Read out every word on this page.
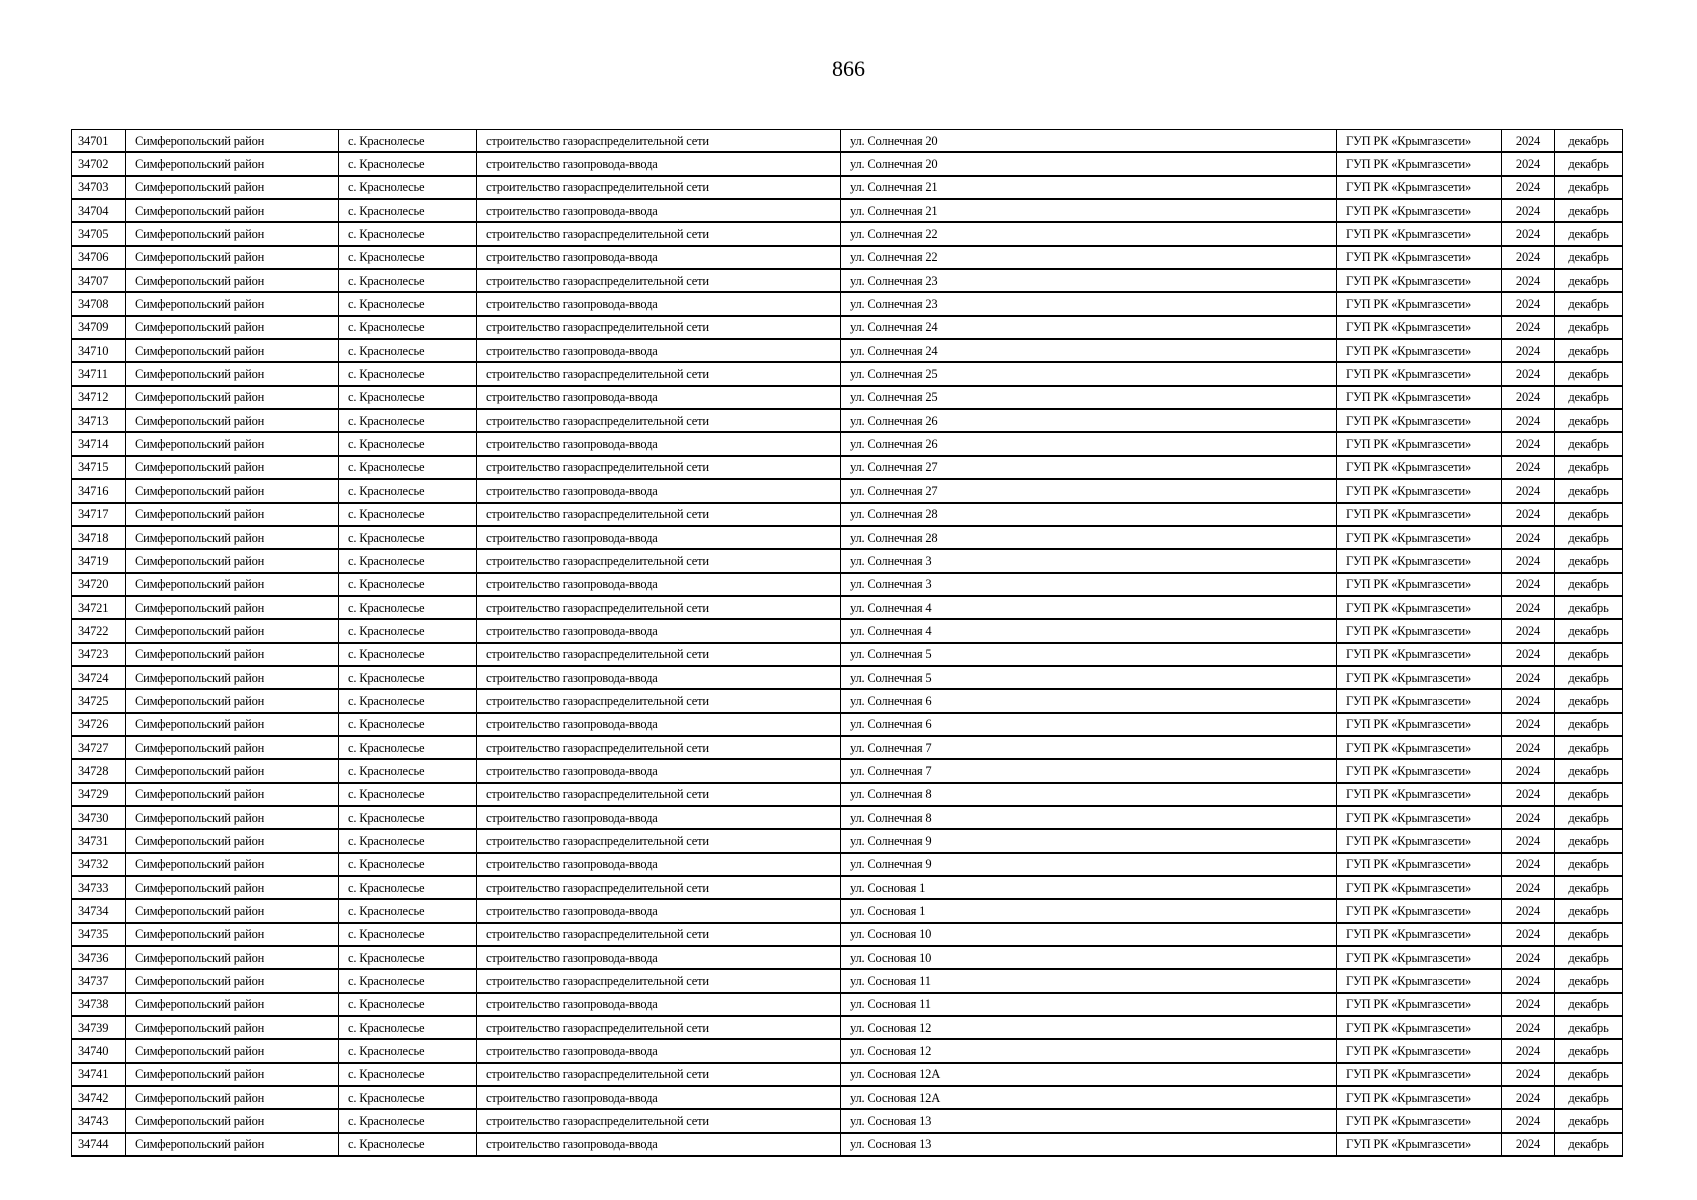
866
34701	Симферопольский район	с. Краснолесье	строительство газораспределительной сети	ул. Солнечная 20	ГУП РК «Крымгазсети»	2024	декабрь
34702	Симферопольский район	с. Краснолесье	строительство газопровода-ввода	ул. Солнечная 20	ГУП РК «Крымгазсети»	2024	декабрь
34703	Симферопольский район	с. Краснолесье	строительство газораспределительной сети	ул. Солнечная 21	ГУП РК «Крымгазсети»	2024	декабрь
34704	Симферопольский район	с. Краснолесье	строительство газопровода-ввода	ул. Солнечная 21	ГУП РК «Крымгазсети»	2024	декабрь
34705	Симферопольский район	с. Краснолесье	строительство газораспределительной сети	ул. Солнечная 22	ГУП РК «Крымгазсети»	2024	декабрь
34706	Симферопольский район	с. Краснолесье	строительство газопровода-ввода	ул. Солнечная 22	ГУП РК «Крымгазсети»	2024	декабрь
34707	Симферопольский район	с. Краснолесье	строительство газораспределительной сети	ул. Солнечная 23	ГУП РК «Крымгазсети»	2024	декабрь
34708	Симферопольский район	с. Краснолесье	строительство газопровода-ввода	ул. Солнечная 23	ГУП РК «Крымгазсети»	2024	декабрь
34709	Симферопольский район	с. Краснолесье	строительство газораспределительной сети	ул. Солнечная 24	ГУП РК «Крымгазсети»	2024	декабрь
34710	Симферопольский район	с. Краснолесье	строительство газопровода-ввода	ул. Солнечная 24	ГУП РК «Крымгазсети»	2024	декабрь
34711	Симферопольский район	с. Краснолесье	строительство газораспределительной сети	ул. Солнечная 25	ГУП РК «Крымгазсети»	2024	декабрь
34712	Симферопольский район	с. Краснолесье	строительство газопровода-ввода	ул. Солнечная 25	ГУП РК «Крымгазсети»	2024	декабрь
34713	Симферопольский район	с. Краснолесье	строительство газораспределительной сети	ул. Солнечная 26	ГУП РК «Крымгазсети»	2024	декабрь
34714	Симферопольский район	с. Краснолесье	строительство газопровода-ввода	ул. Солнечная 26	ГУП РК «Крымгазсети»	2024	декабрь
34715	Симферопольский район	с. Краснолесье	строительство газораспределительной сети	ул. Солнечная 27	ГУП РК «Крымгазсети»	2024	декабрь
34716	Симферопольский район	с. Краснолесье	строительство газопровода-ввода	ул. Солнечная 27	ГУП РК «Крымгазсети»	2024	декабрь
34717	Симферопольский район	с. Краснолесье	строительство газораспределительной сети	ул. Солнечная 28	ГУП РК «Крымгазсети»	2024	декабрь
34718	Симферопольский район	с. Краснолесье	строительство газопровода-ввода	ул. Солнечная 28	ГУП РК «Крымгазсети»	2024	декабрь
34719	Симферопольский район	с. Краснолесье	строительство газораспределительной сети	ул. Солнечная 3	ГУП РК «Крымгазсети»	2024	декабрь
34720	Симферопольский район	с. Краснолесье	строительство газопровода-ввода	ул. Солнечная 3	ГУП РК «Крымгазсети»	2024	декабрь
34721	Симферопольский район	с. Краснолесье	строительство газораспределительной сети	ул. Солнечная 4	ГУП РК «Крымгазсети»	2024	декабрь
34722	Симферопольский район	с. Краснолесье	строительство газопровода-ввода	ул. Солнечная 4	ГУП РК «Крымгазсети»	2024	декабрь
34723	Симферопольский район	с. Краснолесье	строительство газораспределительной сети	ул. Солнечная 5	ГУП РК «Крымгазсети»	2024	декабрь
34724	Симферопольский район	с. Краснолесье	строительство газопровода-ввода	ул. Солнечная 5	ГУП РК «Крымгазсети»	2024	декабрь
34725	Симферопольский район	с. Краснолесье	строительство газораспределительной сети	ул. Солнечная 6	ГУП РК «Крымгазсети»	2024	декабрь
34726	Симферопольский район	с. Краснолесье	строительство газопровода-ввода	ул. Солнечная 6	ГУП РК «Крымгазсети»	2024	декабрь
34727	Симферопольский район	с. Краснолесье	строительство газораспределительной сети	ул. Солнечная 7	ГУП РК «Крымгазсети»	2024	декабрь
34728	Симферопольский район	с. Краснолесье	строительство газопровода-ввода	ул. Солнечная 7	ГУП РК «Крымгазсети»	2024	декабрь
34729	Симферопольский район	с. Краснолесье	строительство газораспределительной сети	ул. Солнечная 8	ГУП РК «Крымгазсети»	2024	декабрь
34730	Симферопольский район	с. Краснолесье	строительство газопровода-ввода	ул. Солнечная 8	ГУП РК «Крымгазсети»	2024	декабрь
34731	Симферопольский район	с. Краснолесье	строительство газораспределительной сети	ул. Солнечная 9	ГУП РК «Крымгазсети»	2024	декабрь
34732	Симферопольский район	с. Краснолесье	строительство газопровода-ввода	ул. Солнечная 9	ГУП РК «Крымгазсети»	2024	декабрь
34733	Симферопольский район	с. Краснолесье	строительство газораспределительной сети	ул. Сосновая 1	ГУП РК «Крымгазсети»	2024	декабрь
34734	Симферопольский район	с. Краснолесье	строительство газопровода-ввода	ул. Сосновая 1	ГУП РК «Крымгазсети»	2024	декабрь
34735	Симферопольский район	с. Краснолесье	строительство газораспределительной сети	ул. Сосновая 10	ГУП РК «Крымгазсети»	2024	декабрь
34736	Симферопольский район	с. Краснолесье	строительство газопровода-ввода	ул. Сосновая 10	ГУП РК «Крымгазсети»	2024	декабрь
34737	Симферопольский район	с. Краснолесье	строительство газораспределительной сети	ул. Сосновая 11	ГУП РК «Крымгазсети»	2024	декабрь
34738	Симферопольский район	с. Краснолесье	строительство газопровода-ввода	ул. Сосновая 11	ГУП РК «Крымгазсети»	2024	декабрь
34739	Симферопольский район	с. Краснолесье	строительство газораспределительной сети	ул. Сосновая 12	ГУП РК «Крымгазсети»	2024	декабрь
34740	Симферопольский район	с. Краснолесье	строительство газопровода-ввода	ул. Сосновая 12	ГУП РК «Крымгазсети»	2024	декабрь
34741	Симферопольский район	с. Краснолесье	строительство газораспределительной сети	ул. Сосновая 12А	ГУП РК «Крымгазсети»	2024	декабрь
34742	Симферопольский район	с. Краснолесье	строительство газопровода-ввода	ул. Сосновая 12А	ГУП РК «Крымгазсети»	2024	декабрь
34743	Симферопольский район	с. Краснолесье	строительство газораспределительной сети	ул. Сосновая 13	ГУП РК «Крымгазсети»	2024	декабрь
34744	Симферопольский район	с. Краснолесье	строительство газопровода-ввода	ул. Сосновая 13	ГУП РК «Крымгазсети»	2024	декабрь
